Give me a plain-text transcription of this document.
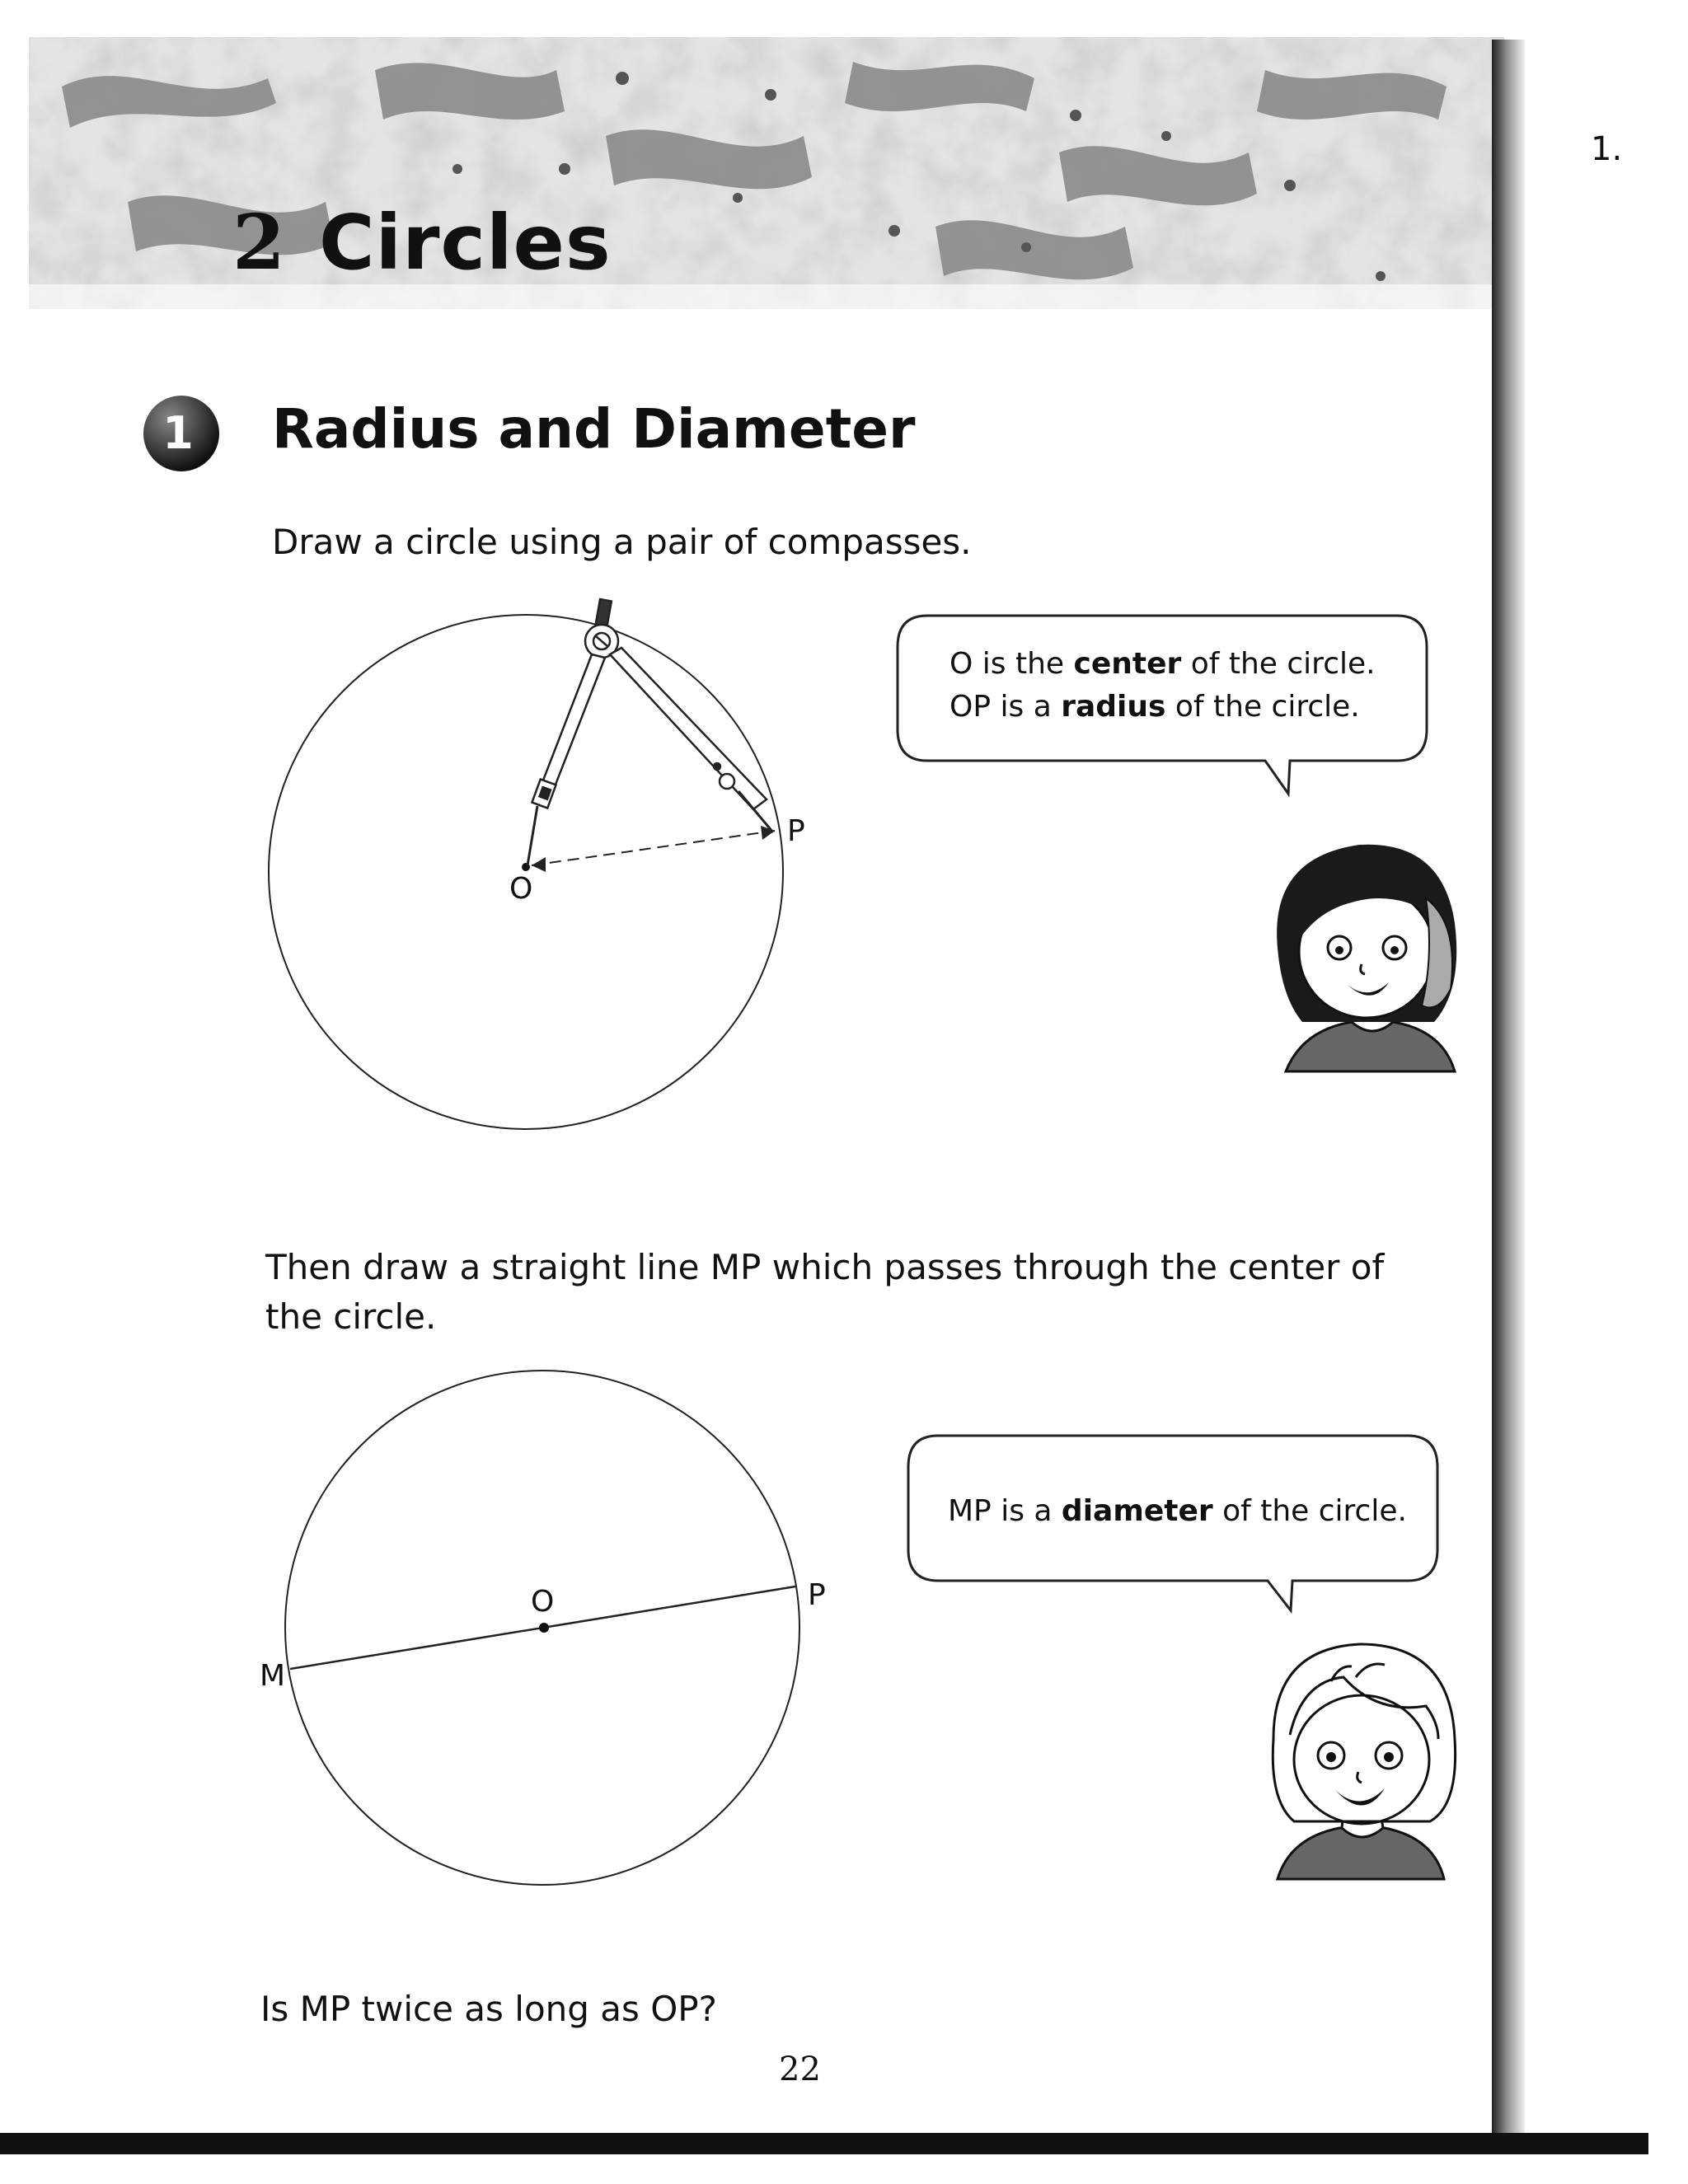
2 Circles
1.
1 Radius and Diameter
Draw a circle using a pair of compasses.
O
P
O is the center of the circle.
OP is a radius of the circle.
Then draw a straight line MP which passes through the center of the circle.
O	P
M
MP is a diameter of the circle.
Is MP twice as long as OP?
22
